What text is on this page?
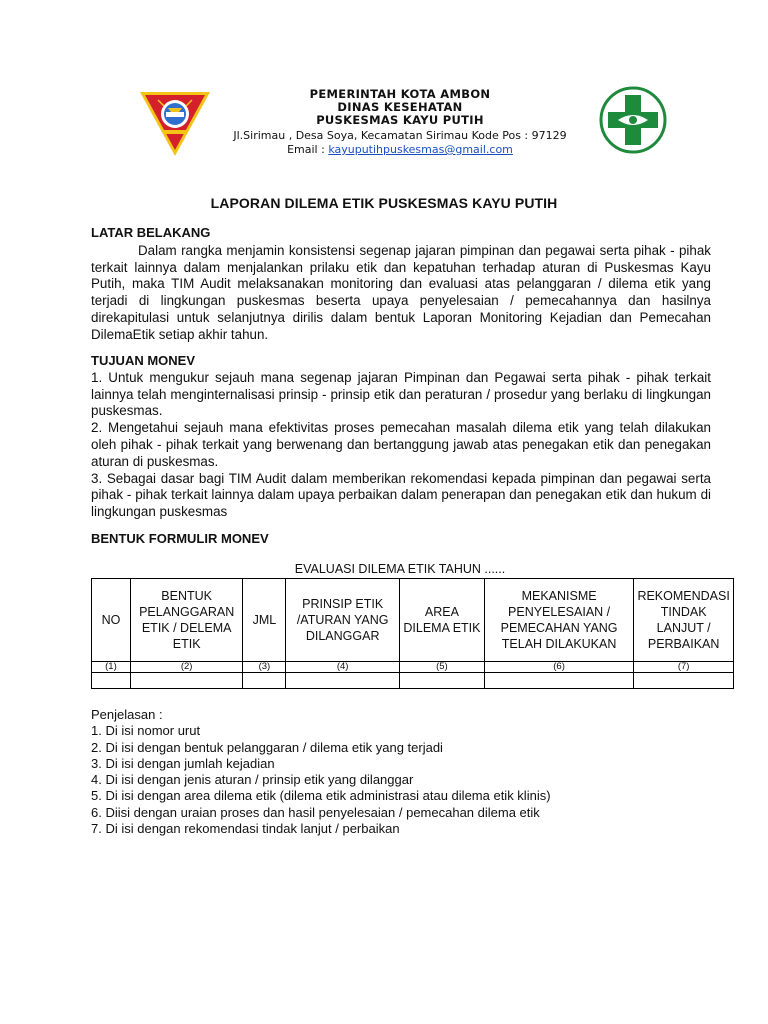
PEMERINTAH KOTA AMBON
DINAS KESEHATAN
PUSKESMAS KAYU PUTIH
Jl.Sirimau , Desa Soya, Kecamatan Sirimau Kode Pos : 97129
Email : kayuputihpuskesmas@gmail.com
LAPORAN DILEMA ETIK PUSKESMAS KAYU PUTIH
LATAR BELAKANG
Dalam rangka menjamin konsistensi segenap jajaran pimpinan dan pegawai serta pihak - pihak terkait lainnya dalam menjalankan prilaku etik dan kepatuhan terhadap aturan di Puskesmas Kayu Putih, maka TIM Audit melaksanakan monitoring dan evaluasi atas pelanggaran / dilema etik yang terjadi di lingkungan puskesmas beserta upaya penyelesaian / pemecahannya dan hasilnya direkapitulasi untuk selanjutnya dirilis dalam bentuk Laporan Monitoring Kejadian dan Pemecahan DilemaEtik setiap akhir tahun.
TUJUAN MONEV
1. Untuk mengukur sejauh mana segenap jajaran Pimpinan dan Pegawai serta pihak - pihak terkait lainnya telah menginternalisasi prinsip - prinsip etik dan peraturan / prosedur yang berlaku di lingkungan puskesmas.
2. Mengetahui sejauh mana efektivitas proses pemecahan masalah dilema etik yang telah dilakukan oleh pihak - pihak terkait yang berwenang dan bertanggung jawab atas penegakan etik dan penegakan aturan di puskesmas.
3. Sebagai dasar bagi TIM Audit dalam memberikan rekomendasi kepada pimpinan dan pegawai serta pihak - pihak terkait lainnya dalam upaya perbaikan dalam penerapan dan penegakan etik dan hukum di lingkungan puskesmas
BENTUK FORMULIR MONEV
EVALUASI DILEMA ETIK TAHUN ......
NO	BENTUK PELANGGARAN ETIK / DELEMA ETIK	JML	PRINSIP ETIK /ATURAN YANG DILANGGAR	AREA DILEMA ETIK	MEKANISME PENYELESAIAN / PEMECAHAN YANG TELAH DILAKUKAN	REKOMENDASI TINDAK LANJUT / PERBAIKAN
(1)	(2)	(3)	(4)	(5)	(6)	(7)

Penjelasan :
1. Di isi nomor urut
2. Di isi dengan bentuk pelanggaran / dilema etik yang terjadi
3. Di isi dengan jumlah kejadian
4. Di isi dengan jenis aturan / prinsip etik yang dilanggar
5. Di isi dengan area dilema etik (dilema etik administrasi atau dilema etik klinis)
6. Diisi dengan uraian proses dan hasil penyelesaian / pemecahan dilema etik
7. Di isi dengan rekomendasi tindak lanjut / perbaikan
